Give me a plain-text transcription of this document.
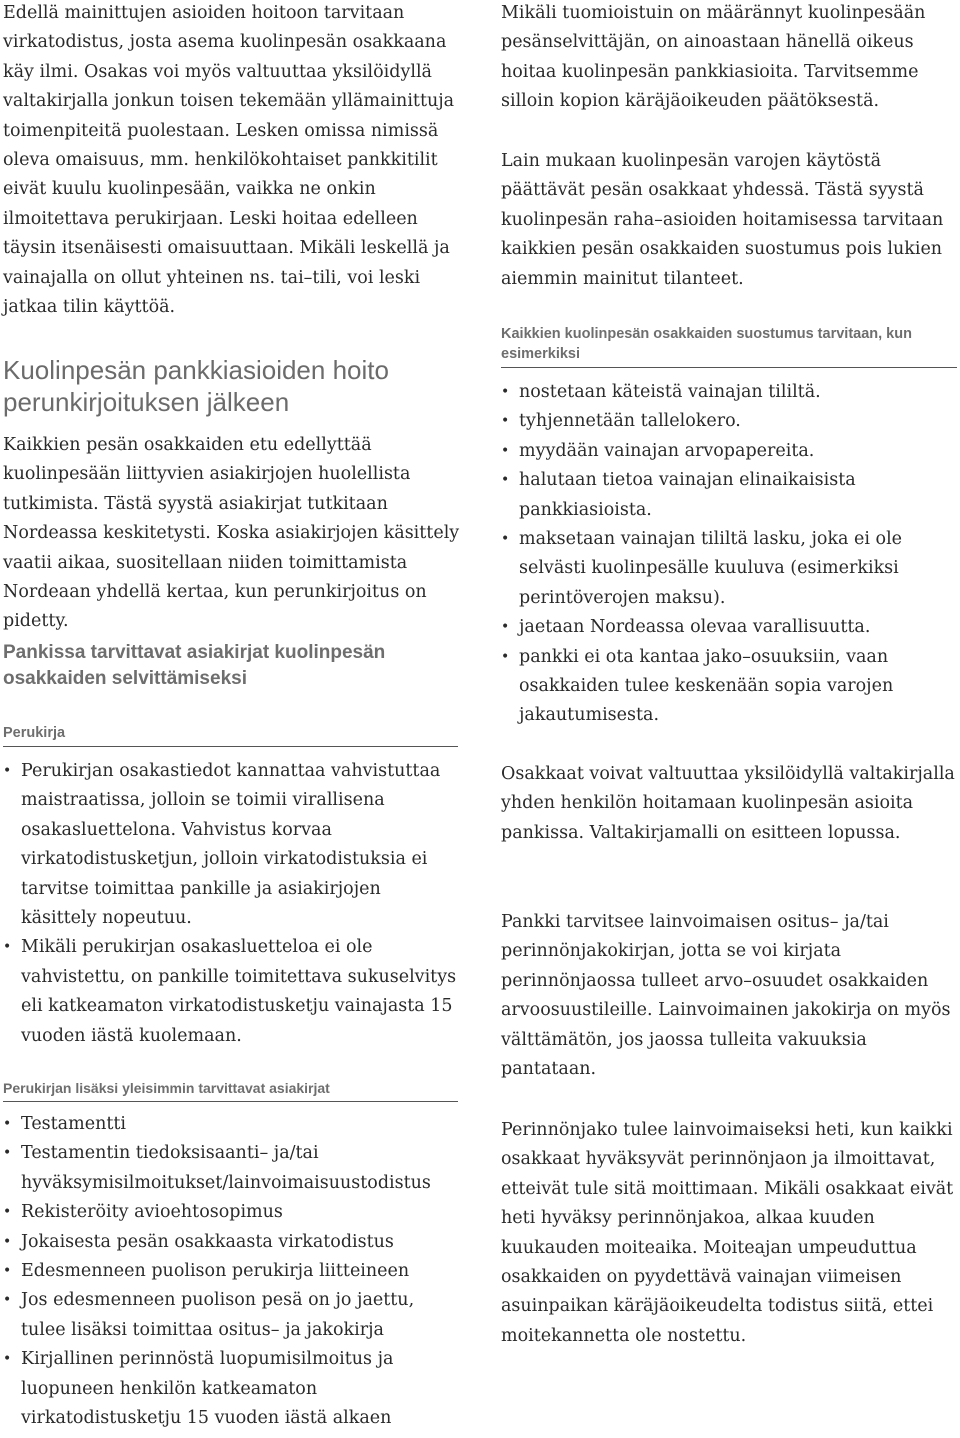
Edellä mainittujen asioiden hoitoon tarvitaan virkatodistus, josta asema kuolinpesän osakkaana käy ilmi. Osakas voi myös valtuuttaa yksilöidyllä valtakirjalla jonkun toisen tekemään yllämainittuja toimenpiteitä puolestaan. Lesken omissa nimissä oleva omaisuus, mm. henkilökohtaiset pankkitilit eivät kuulu kuolinpesään, vaikka ne onkin ilmoitettava perukirjaan. Leski hoitaa edelleen täysin itsenäisesti omaisuuttaan. Mikäli leskellä ja vainajalla on ollut yhteinen ns. tai–tili, voi leski jatkaa tilin käyttöä.

Kuolinpesän pankkiasioiden hoito perunkirjoituksen jälkeen

Kaikkien pesän osakkaiden etu edellyttää kuolinpesään liittyvien asiakirjojen huolellista tutkimista. Tästä syystä asiakirjat tutkitaan Nordeassa keskitetysti. Koska asiakirjojen käsittely vaatii aikaa, suositellaan niiden toimittamista Nordeaan yhdellä kertaa, kun perunkirjoitus on pidetty.

Pankissa tarvittavat asiakirjat kuolinpesän osakkaiden selvittämiseksi
Perukirja
• Perukirjan osakastiedot kannattaa vahvistuttaa maistraatissa, jolloin se toimii virallisena osakasluettelona. Vahvistus korvaa virkatodistusketjun, jolloin virkatodistuksia ei tarvitse toimittaa pankille ja asiakirjojen käsittely nopeutuu.
• Mikäli perukirjan osakasluetteloa ei ole vahvistettu, on pankille toimitettava sukuselvitys eli katkeamaton virkatodistusketju vainajasta 15 vuoden iästä kuolemaan.
Perukirjan lisäksi yleisimmin tarvittavat asiakirjat
• Testamentti
• Testamentin tiedoksisaanti– ja/tai hyväksymisilmoitukset/lainvoimaisuustodistus
• Rekisteröity avioehtosopimus
• Jokaisesta pesän osakkaasta virkatodistus
• Edesmenneen puolison perukirja liitteineen
• Jos edesmenneen puolison pesä on jo jaettu, tulee lisäksi toimittaa ositus– ja jakokirja
• Kirjallinen perinnöstä luopumisilmoitus ja luopuneen henkilön katkeamaton virkatodistusketju 15 vuoden iästä alkaen

Mikäli tuomioistuin on määrännyt kuolinpesään pesänselvittäjän, on ainoastaan hänellä oikeus hoitaa kuolinpesän pankkiasioita. Tarvitsemme silloin kopion käräjäoikeuden päätöksestä.

Lain mukaan kuolinpesän varojen käytöstä päättävät pesän osakkaat yhdessä. Tästä syystä kuolinpesän raha–asioiden hoitamisessa tarvitaan kaikkien pesän osakkaiden suostumus pois lukien aiemmin mainitut tilanteet.

Kaikkien kuolinpesän osakkaiden suostumus tarvitaan, kun esimerkiksi
• nostetaan käteistä vainajan tililtä.
• tyhjennetään tallelokero.
• myydään vainajan arvopapereita.
• halutaan tietoa vainajan elinaikaisista pankkiasioista.
• maksetaan vainajan tililtä lasku, joka ei ole selvästi kuolinpesälle kuuluva (esimerkiksi perintöverojen maksu).
• jaetaan Nordeassa olevaa varallisuutta.
• pankki ei ota kantaa jako–osuuksiin, vaan osakkaiden tulee keskenään sopia varojen jakautumisesta.

Osakkaat voivat valtuuttaa yksilöidyllä valtakirjalla yhden henkilön hoitamaan kuolinpesän asioita pankissa. Valtakirjamalli on esitteen lopussa.

Pankki tarvitsee lainvoimaisen ositus– ja/tai perinnönjakokirjan, jotta se voi kirjata perinnönjaossa tulleet arvo–osuudet osakkaiden arvoosuustileille. Lainvoimainen jakokirja on myös välttämätön, jos jaossa tulleita vakuuksia pantataan.

Perinnönjako tulee lainvoimaiseksi heti, kun kaikki osakkaat hyväksyvät perinnönjaon ja ilmoittavat, etteivät tule sitä moittimaan. Mikäli osakkaat eivät heti hyväksy perinnönjakoa, alkaa kuuden kuukauden moiteaika. Moiteajan umpeuduttua osakkaiden on pyydettävä vainajan viimeisen asuinpaikan käräjäoikeudelta todistus siitä, ettei moitekannetta ole nostettu.
